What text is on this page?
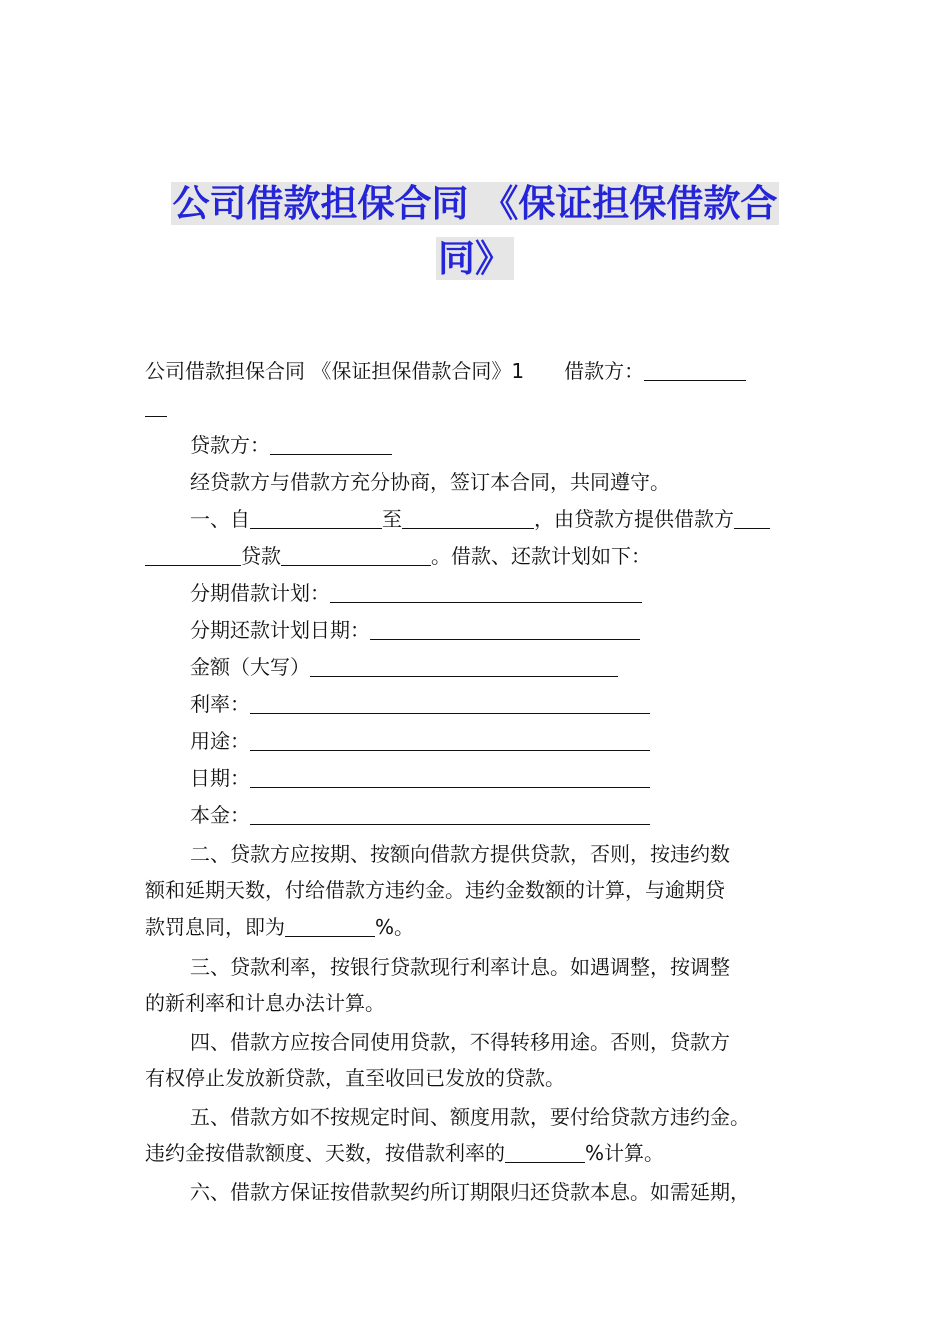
公司借款担保合同 《保证担保借款合
同》
公司借款担保合同 《保证担保借款合同》1　　借款方：
贷款方：
经贷款方与借款方充分协商，签订本合同，共同遵守。
一、自	至	，由贷款方提供借款方
贷款	。借款、还款计划如下：
分期借款计划：
分期还款计划日期：
金额（大写）
利率：
用途：
日期：
本金：
二、贷款方应按期、按额向借款方提供贷款，否则，按违约数
额和延期天数，付给借款方违约金。违约金数额的计算，与逾期贷
款罚息同，即为	%。
三、贷款利率，按银行贷款现行利率计息。如遇调整，按调整
的新利率和计息办法计算。
四、借款方应按合同使用贷款，不得转移用途。否则，贷款方
有权停止发放新贷款，直至收回已发放的贷款。
五、借款方如不按规定时间、额度用款，要付给贷款方违约金。
违约金按借款额度、天数，按借款利率的	%计算。
六、借款方保证按借款契约所订期限归还贷款本息。如需延期，
